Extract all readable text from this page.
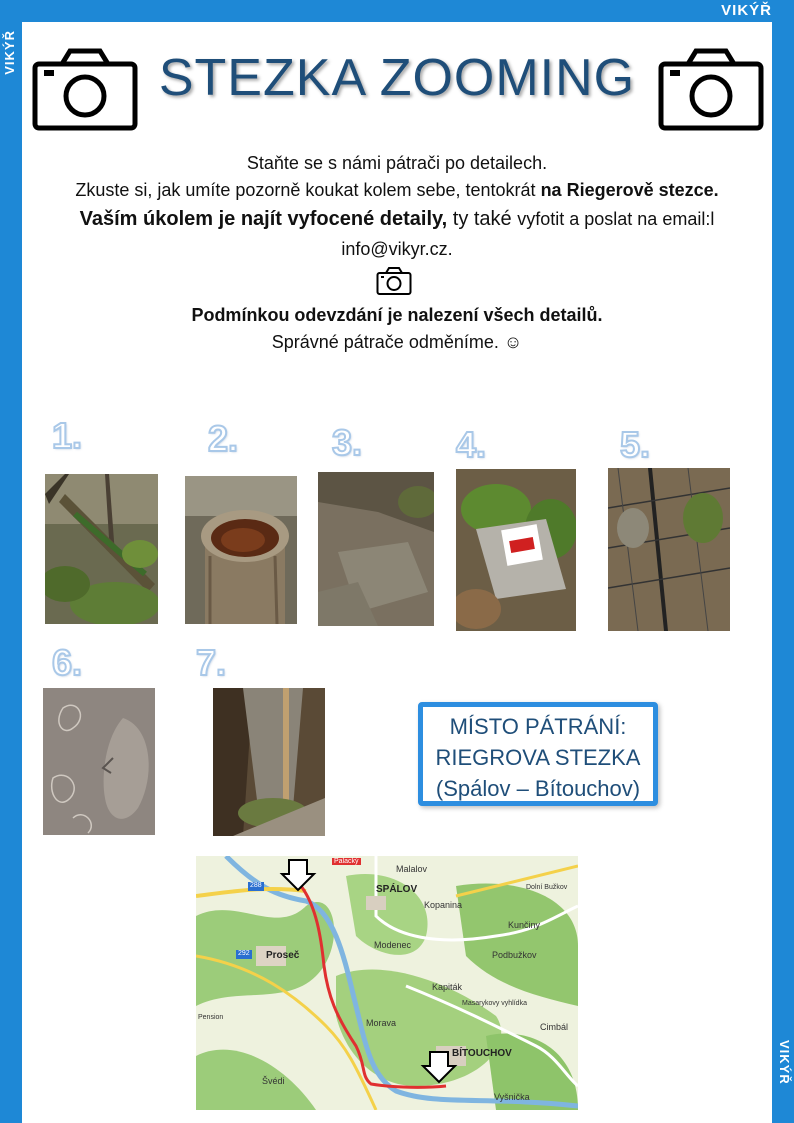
VIKÝŘ
VIKÝŘ
VIKÝŘ
STEZKA ZOOMING

Staňte se s námi pátrači po detailech.

Zkuste si, jak umíte pozorně koukat kolem sebe, tentokrát na Riegerově stezce.

Vaším úkolem je najít vyfocené detaily, ty také vyfotit a poslat na email:l info@vikyr.cz.

Podmínkou odevzdání je nalezení všech detailů.

Správné pátrače odměníme. ☺

1.	2.	3.	4.	5.
6.	7.
MÍSTO PÁTRÁNÍ:
RIEGROVA STEZKA
(Spálov – Bítouchov)
288
292
SPÁLOV
BÍTOUCHOV
Proseč
Morava
Malalov
Kopanina
Kunčiny
Podbužkov
Kapiták
Masarykovy vyhlídka
Cimbál
Vyšnička
Modenec
Palacký
Dolní Bužkov
Švédi
Pension
